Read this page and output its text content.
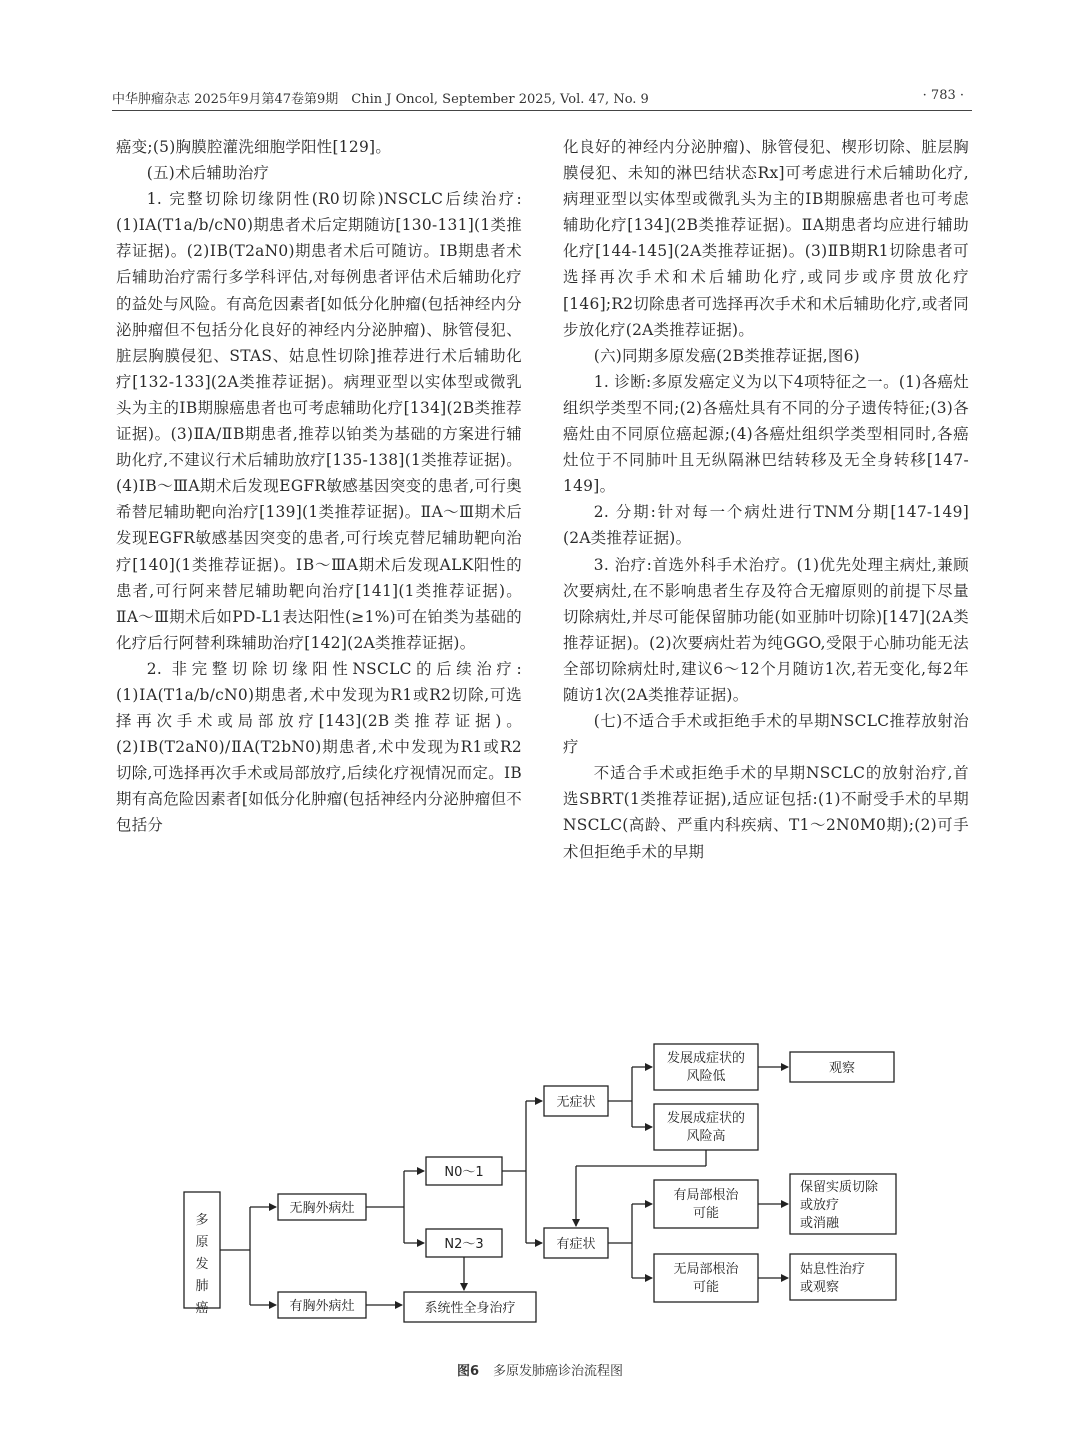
中华肿瘤杂志 2025年9月第47卷第9期　Chin J Oncol, September 2025, Vol. 47, No. 9	· 783 ·

癌变;(5)胸膜腔灌洗细胞学阳性[129]。

(五)术后辅助治疗

1. 完整切除切缘阴性(R0切除)NSCLC后续治疗:(1)ⅠA(T1a/b/cN0)期患者术后定期随访[130-131](1类推荐证据)。(2)ⅠB(T2aN0)期患者术后可随访。ⅠB期患者术后辅助治疗需行多学科评估,对每例患者评估术后辅助化疗的益处与风险。有高危因素者[如低分化肿瘤(包括神经内分泌肿瘤但不包括分化良好的神经内分泌肿瘤)、脉管侵犯、脏层胸膜侵犯、STAS、姑息性切除]推荐进行术后辅助化疗[132-133](2A类推荐证据)。病理亚型以实体型或微乳头为主的ⅠB期腺癌患者也可考虑辅助化疗[134](2B类推荐证据)。(3)ⅡA/ⅡB期患者,推荐以铂类为基础的方案进行辅助化疗,不建议行术后辅助放疗[135-138](1类推荐证据)。(4)ⅠB～ⅢA期术后发现EGFR敏感基因突变的患者,可行奥希替尼辅助靶向治疗[139](1类推荐证据)。ⅡA～Ⅲ期术后发现EGFR敏感基因突变的患者,可行埃克替尼辅助靶向治疗[140](1类推荐证据)。ⅠB～ⅢA期术后发现ALK阳性的患者,可行阿来替尼辅助靶向治疗[141](1类推荐证据)。ⅡA～Ⅲ期术后如PD-L1表达阳性(≥1%)可在铂类为基础的化疗后行阿替利珠辅助治疗[142](2A类推荐证据)。

2. 非完整切除切缘阳性NSCLC的后续治疗:(1)ⅠA(T1a/b/cN0)期患者,术中发现为R1或R2切除,可选择再次手术或局部放疗[143](2B类推荐证据)。(2)ⅠB(T2aN0)/ⅡA(T2bN0)期患者,术中发现为R1或R2切除,可选择再次手术或局部放疗,后续化疗视情况而定。ⅠB期有高危险因素者[如低分化肿瘤(包括神经内分泌肿瘤但不包括分

化良好的神经内分泌肿瘤)、脉管侵犯、楔形切除、脏层胸膜侵犯、未知的淋巴结状态Rx]可考虑进行术后辅助化疗,病理亚型以实体型或微乳头为主的ⅠB期腺癌患者也可考虑辅助化疗[134](2B类推荐证据)。ⅡA期患者均应进行辅助化疗[144-145](2A类推荐证据)。(3)ⅡB期R1切除患者可选择再次手术和术后辅助化疗,或同步或序贯放化疗[146];R2切除患者可选择再次手术和术后辅助化疗,或者同步放化疗(2A类推荐证据)。

(六)同期多原发癌(2B类推荐证据,图6)

1. 诊断:多原发癌定义为以下4项特征之一。(1)各癌灶组织学类型不同;(2)各癌灶具有不同的分子遗传特征;(3)各癌灶由不同原位癌起源;(4)各癌灶组织学类型相同时,各癌灶位于不同肺叶且无纵隔淋巴结转移及无全身转移[147-149]。

2. 分期:针对每一个病灶进行TNM分期[147-149](2A类推荐证据)。

3. 治疗:首选外科手术治疗。(1)优先处理主病灶,兼顾次要病灶,在不影响患者生存及符合无瘤原则的前提下尽量切除病灶,并尽可能保留肺功能(如亚肺叶切除)[147](2A类推荐证据)。(2)次要病灶若为纯GGO,受限于心肺功能无法全部切除病灶时,建议6～12个月随访1次,若无变化,每2年随访1次(2A类推荐证据)。

(七)不适合手术或拒绝手术的早期NSCLC推荐放射治疗

不适合手术或拒绝手术的早期NSCLC的放射治疗,首选SBRT(1类推荐证据),适应证包括:(1)不耐受手术的早期NSCLC(高龄、严重内科疾病、T1～2N0M0期);(2)可手术但拒绝手术的早期

多原发肺癌
无胸外病灶
有胸外病灶
N0～1
N2～3
系统性全身治疗
无症状
有症状
发展成症状的风险低
发展成症状的风险高
观察
有局部根治可能
无局部根治可能
保留实质切除或放疗或消融
姑息性治疗或观察
图6 多原发肺癌诊治流程图
